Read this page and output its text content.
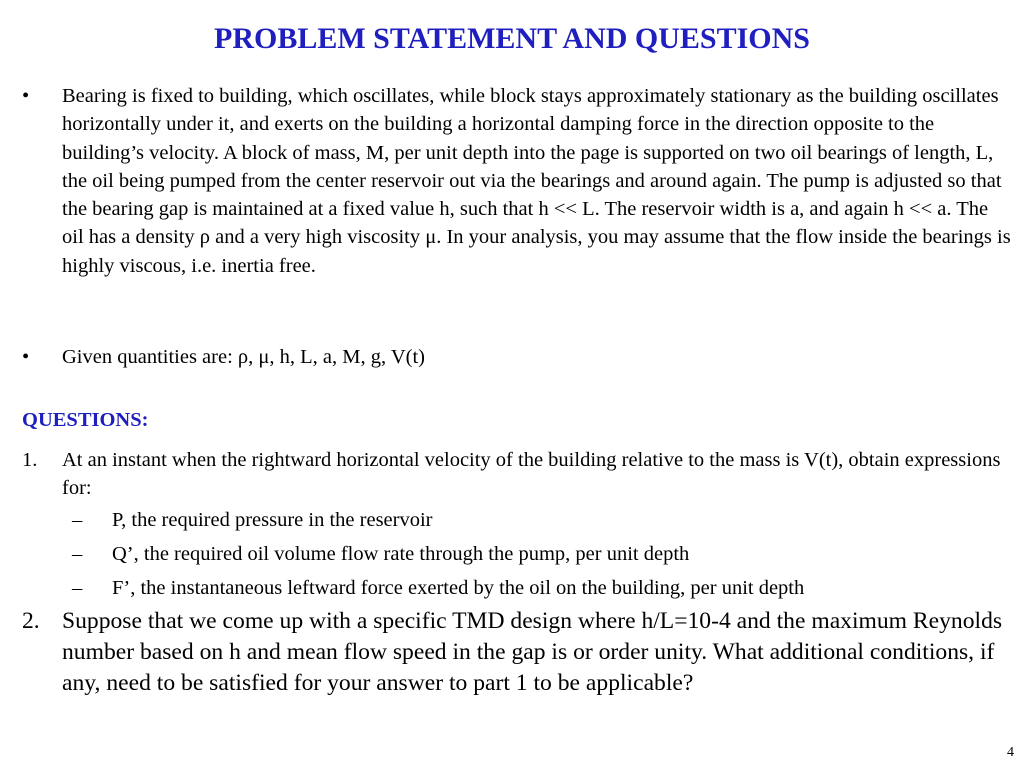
PROBLEM STATEMENT AND QUESTIONS
•	Bearing is fixed to building, which oscillates, while block stays approximately stationary as the building oscillates horizontally under it, and exerts on the building a horizontal damping force in the direction opposite to the building’s velocity. A block of mass, M, per unit depth into the page is supported on two oil bearings of length, L, the oil being pumped from the center reservoir out via the bearings and around again. The pump is adjusted so that the bearing gap is maintained at a fixed value h, such that h << L. The reservoir width is a, and again h << a. The oil has a density ρ and a very high viscosity μ. In your analysis, you may assume that the flow inside the bearings is highly viscous, i.e. inertia free.
•	Given quantities are: ρ, μ, h, L, a, M, g, V(t)
QUESTIONS:
1.	At an instant when the rightward horizontal velocity of the building relative to the mass is V(t), obtain expressions for:
–	P, the required pressure in the reservoir
–	Q’, the required oil volume flow rate through the pump, per unit depth
–	F’, the instantaneous leftward force exerted by the oil on the building, per unit depth
2. Suppose that we come up with a specific TMD design where h/L=10-4 and the maximum Reynolds number based on h and mean flow speed in the gap is or order unity. What additional conditions, if any, need to be satisfied for your answer to part 1 to be applicable?
4
